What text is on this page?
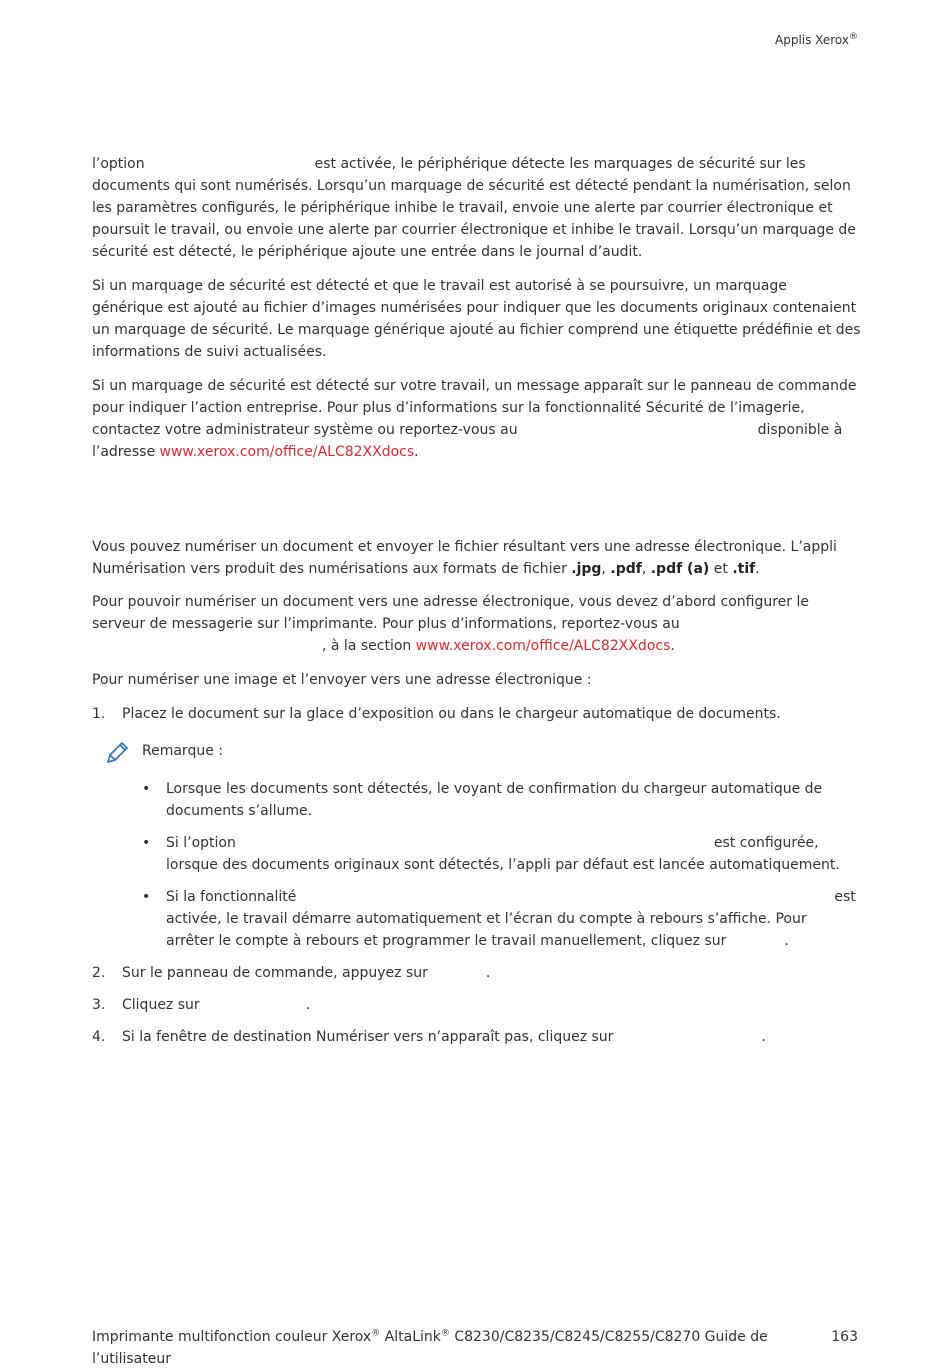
Applis Xerox®

l’option	est activée, le périphérique détecte les marquages de sécurité sur les documents qui sont numérisés. Lorsqu’un marquage de sécurité est détecté pendant la numérisation, selon les paramètres configurés, le périphérique inhibe le travail, envoie une alerte par courrier électronique et poursuit le travail, ou envoie une alerte par courrier électronique et inhibe le travail. Lorsqu’un marquage de sécurité est détecté, le périphérique ajoute une entrée dans le journal d’audit.

Si un marquage de sécurité est détecté et que le travail est autorisé à se poursuivre, un marquage générique est ajouté au fichier d’images numérisées pour indiquer que les documents originaux contenaient un marquage de sécurité. Le marquage générique ajouté au fichier comprend une étiquette prédéfinie et des informations de suivi actualisées.

Si un marquage de sécurité est détecté sur votre travail, un message apparaît sur le panneau de commande pour indiquer l’action entreprise. Pour plus d’informations sur la fonctionnalité Sécurité de l’imagerie, contactez votre administrateur système ou reportez-vous au	disponible à l’adresse www.xerox.com/office/ALC82XXdocs.

Vous pouvez numériser un document et envoyer le fichier résultant vers une adresse électronique. L’appli Numérisation vers produit des numérisations aux formats de fichier .jpg, .pdf, .pdf (a) et .tif.

Pour pouvoir numériser un document vers une adresse électronique, vous devez d’abord configurer le serveur de messagerie sur l’imprimante. Pour plus d’informations, reportez-vous au, à la section www.xerox.com/office/ALC82XXdocs.

Pour numériser une image et l’envoyer vers une adresse électronique :

1.	Placez le document sur la glace d’exposition ou dans le chargeur automatique de documents.
Remarque :
•	Lorsque les documents sont détectés, le voyant de confirmation du chargeur automatique de documents s’allume.
•	Si l’option	est configurée,
lorsque des documents originaux sont détectés, l’appli par défaut est lancée automatiquement.
•	Si la fonctionnalité	est
activée, le travail démarre automatiquement et l’écran du compte à rebours s’affiche. Pour arrêter le compte à rebours et programmer le travail manuellement, cliquez sur	.
2.	Sur le panneau de commande, appuyez sur	.
3.	Cliquez sur	.
4.	Si la fenêtre de destination Numériser vers n’apparaît pas, cliquez sur	.
Imprimante multifonction couleur Xerox® AltaLink® C8230/C8235/C8245/C8255/C8270 Guide de l’utilisateur
163
